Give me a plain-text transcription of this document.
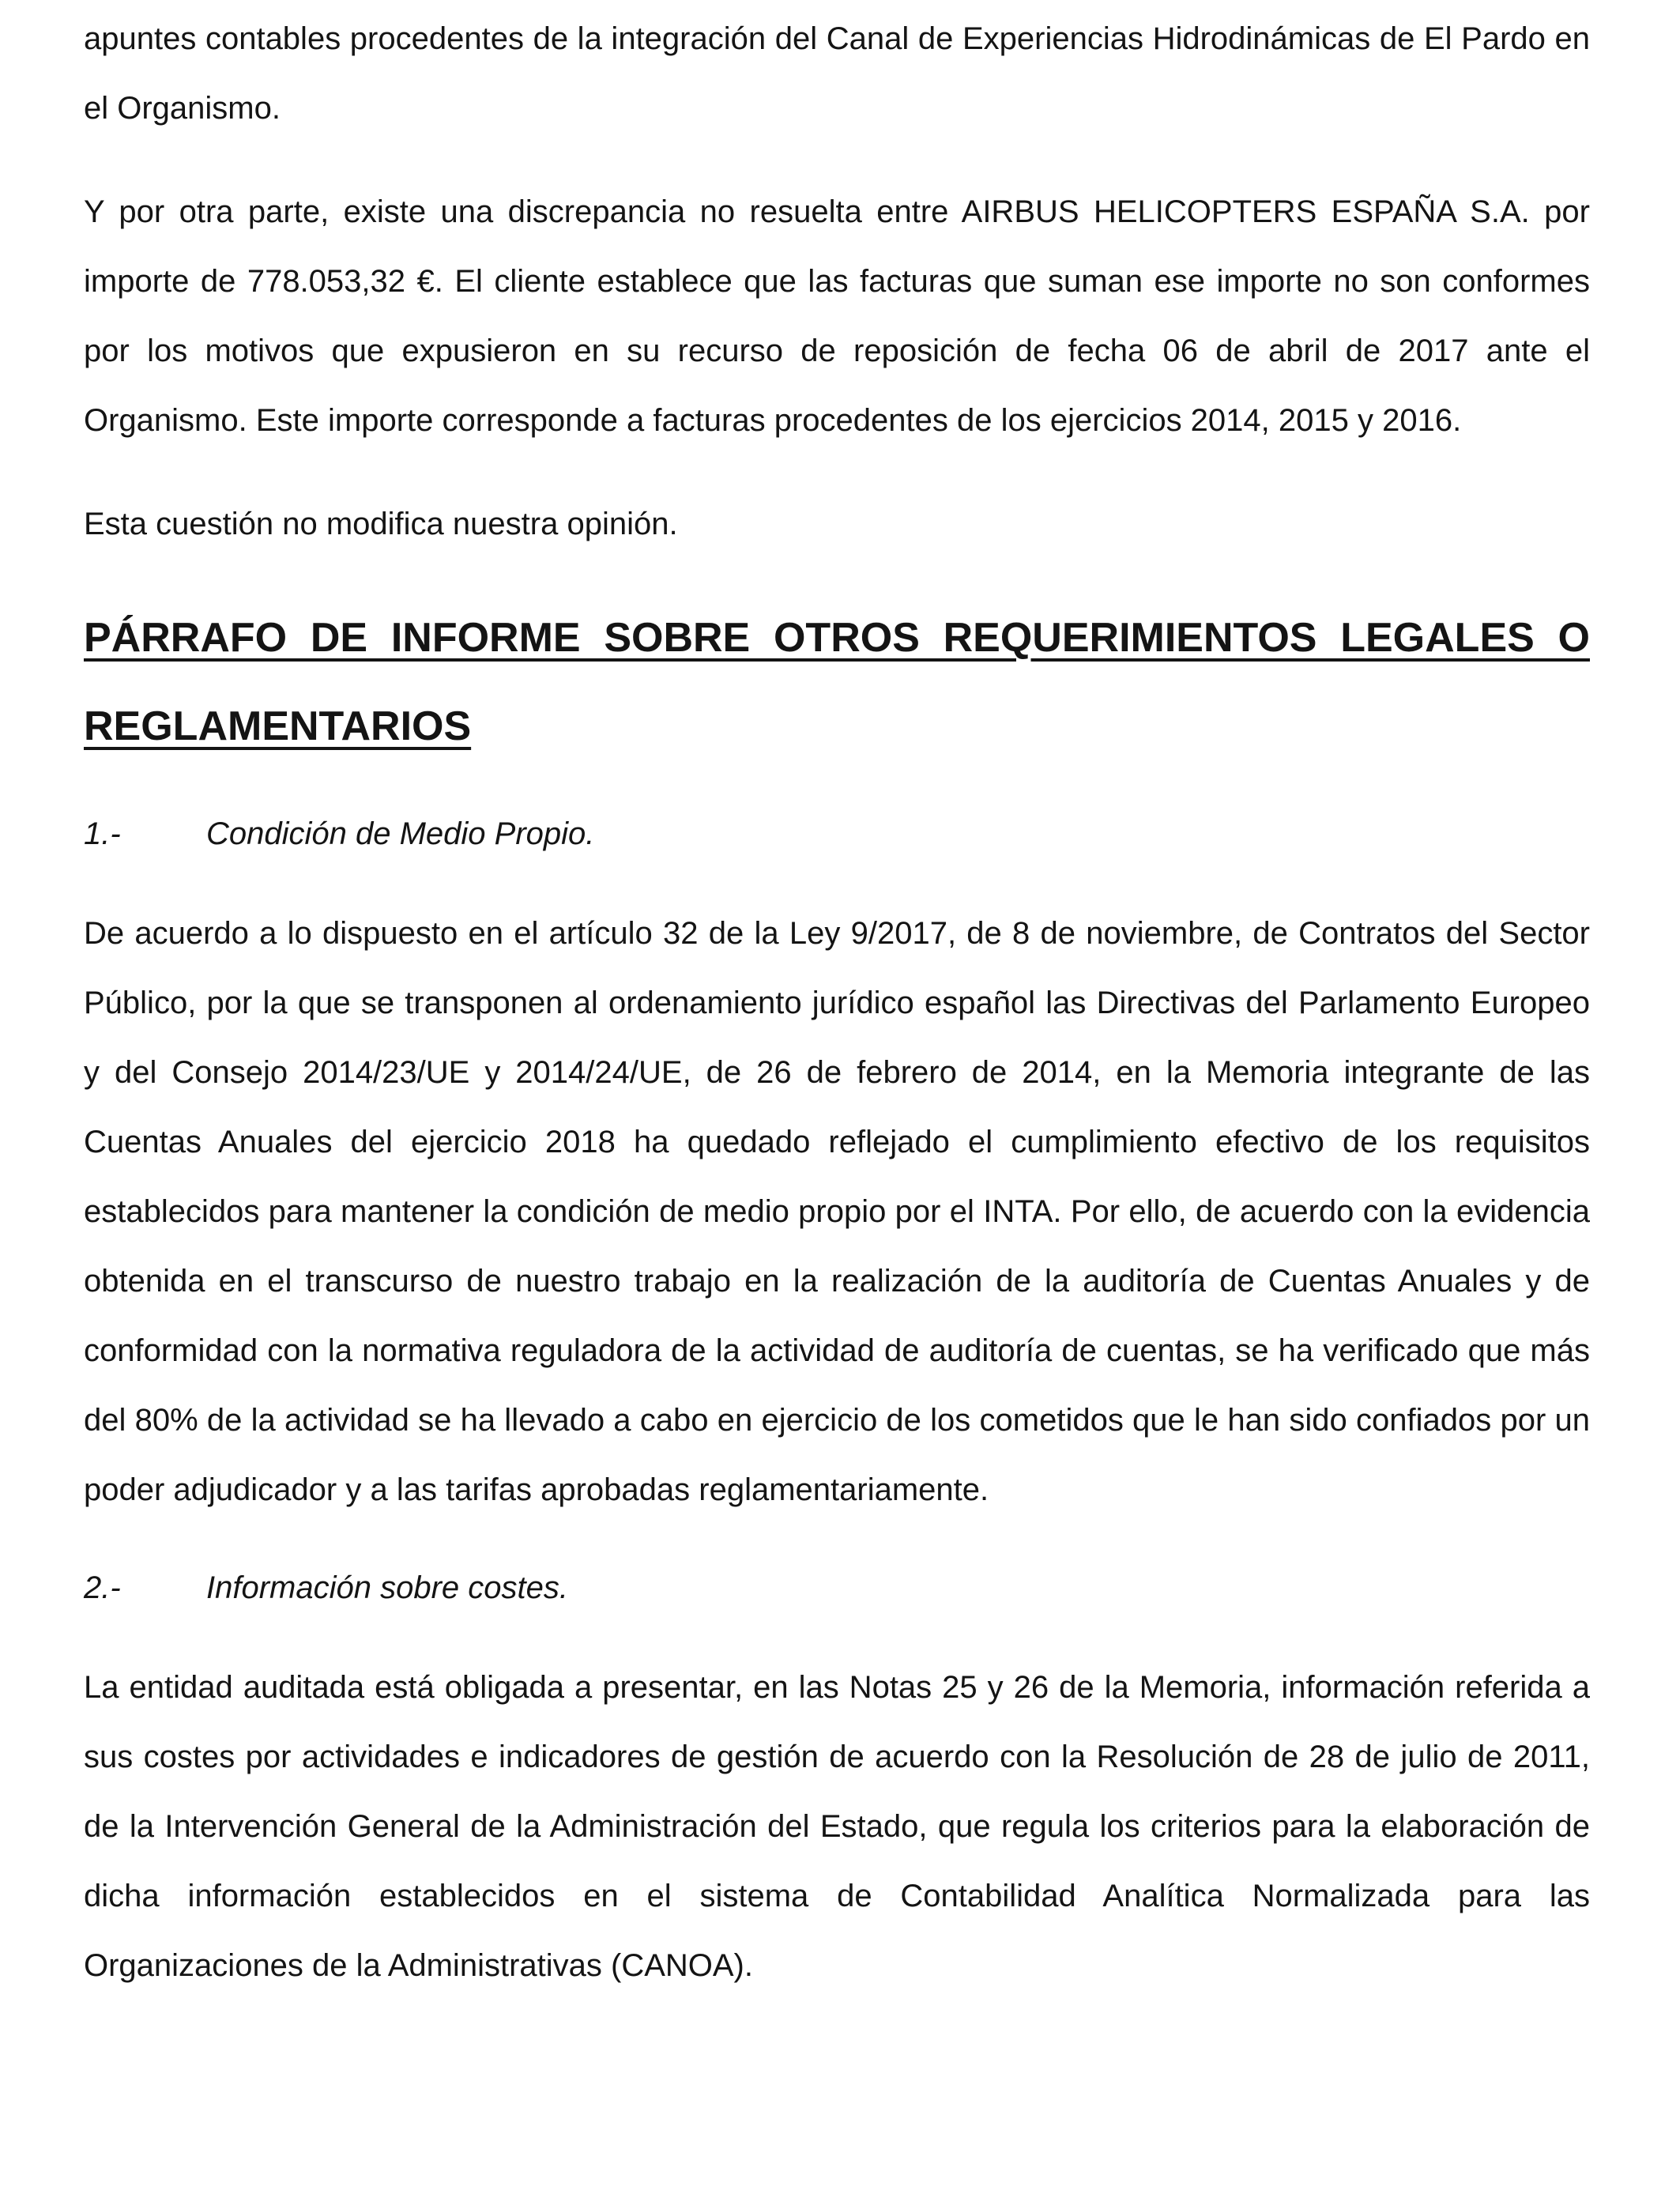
apuntes contables procedentes de la integración del Canal de Experiencias Hidrodinámicas de El Pardo en el Organismo.

Y por otra parte, existe una discrepancia no resuelta entre AIRBUS HELICOPTERS ESPAÑA S.A. por importe de 778.053,32 €. El cliente establece que las facturas que suman ese importe no son conformes por los motivos que expusieron en su recurso de reposición de fecha 06 de abril de 2017 ante el Organismo. Este importe corresponde a facturas procedentes de los ejercicios 2014, 2015 y 2016.

Esta cuestión no modifica nuestra opinión.

PÁRRAFO DE INFORME SOBRE OTROS REQUERIMIENTOS LEGALES O REGLAMENTARIOS
1.-	Condición de Medio Propio.

De acuerdo a lo dispuesto en el artículo 32 de la Ley 9/2017, de 8 de noviembre, de Contratos del Sector Público, por la que se transponen al ordenamiento jurídico español las Directivas del Parlamento Europeo y del Consejo 2014/23/UE y 2014/24/UE, de 26 de febrero de 2014, en la Memoria integrante de las Cuentas Anuales del ejercicio 2018 ha quedado reflejado el cumplimiento efectivo de los requisitos establecidos para mantener la condición de medio propio por el INTA. Por ello, de acuerdo con la evidencia obtenida en el transcurso de nuestro trabajo en la realización de la auditoría de Cuentas Anuales y de conformidad con la normativa reguladora de la actividad de auditoría de cuentas, se ha verificado que más del 80% de la actividad se ha llevado a cabo en ejercicio de los cometidos que le han sido confiados por un poder adjudicador y a las tarifas aprobadas reglamentariamente.

2.-	Información sobre costes.

La entidad auditada está obligada a presentar, en las Notas 25 y 26 de la Memoria, información referida a sus costes por actividades e indicadores de gestión de acuerdo con la Resolución de 28 de julio de 2011, de la Intervención General de la Administración del Estado, que regula los criterios para la elaboración de dicha información establecidos en el sistema de Contabilidad Analítica Normalizada para las Organizaciones de la Administrativas (CANOA).
